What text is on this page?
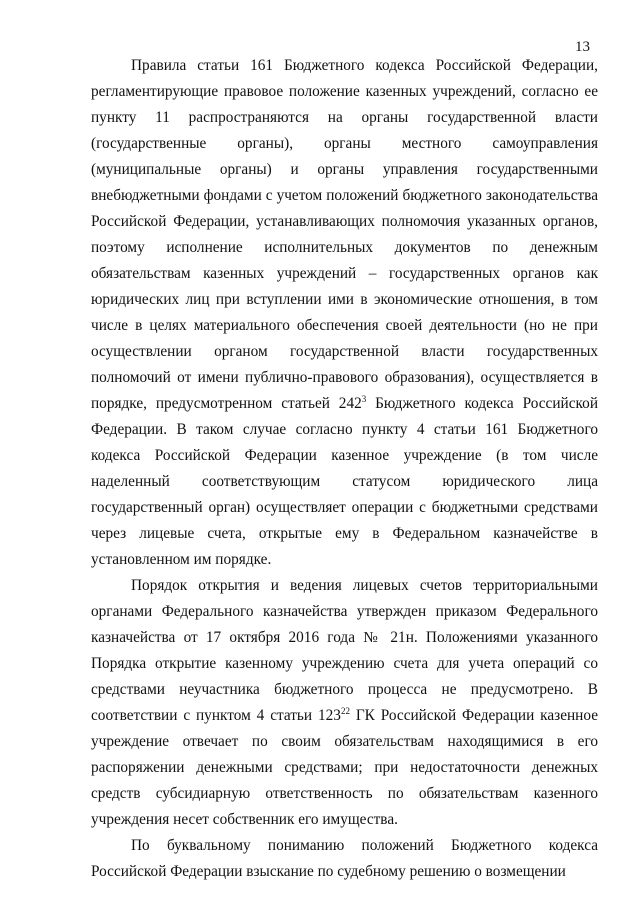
13

Правила статьи 161 Бюджетного кодекса Российской Федерации, регламентирующие правовое положение казенных учреждений, согласно ее пункту 11 распространяются на органы государственной власти (государственные органы), органы местного самоуправления (муниципальные органы) и органы управления государственными внебюджетными фондами с учетом положений бюджетного законодательства Российской Федерации, устанавливающих полномочия указанных органов, поэтому исполнение исполнительных документов по денежным обязательствам казенных учреждений – государственных органов как юридических лиц при вступлении ими в экономические отношения, в том числе в целях материального обеспечения своей деятельности (но не при осуществлении органом государственной власти государственных полномочий от имени публично-правового образования), осуществляется в порядке, предусмотренном статьей $242^3$ Бюджетного кодекса Российской Федерации. В таком случае согласно пункту 4 статьи 161 Бюджетного кодекса Российской Федерации казенное учреждение (в том числе наделенный соответствующим статусом юридического лица государственный орган) осуществляет операции с бюджетными средствами через лицевые счета, открытые ему в Федеральном казначействе в установленном им порядке.

Порядок открытия и ведения лицевых счетов территориальными органами Федерального казначейства утвержден приказом Федерального казначейства от 17 октября 2016 года № 21н. Положениями указанного Порядка открытие казенному учреждению счета для учета операций со средствами неучастника бюджетного процесса не предусмотрено. В соответствии с пунктом 4 статьи $123^{22}$ ГК Российской Федерации казенное учреждение отвечает по своим обязательствам находящимися в его распоряжении денежными средствами; при недостаточности денежных средств субсидиарную ответственность по обязательствам казенного учреждения несет собственник его имущества.

По буквальному пониманию положений Бюджетного кодекса Российской Федерации взыскание по судебному решению о возмещении
